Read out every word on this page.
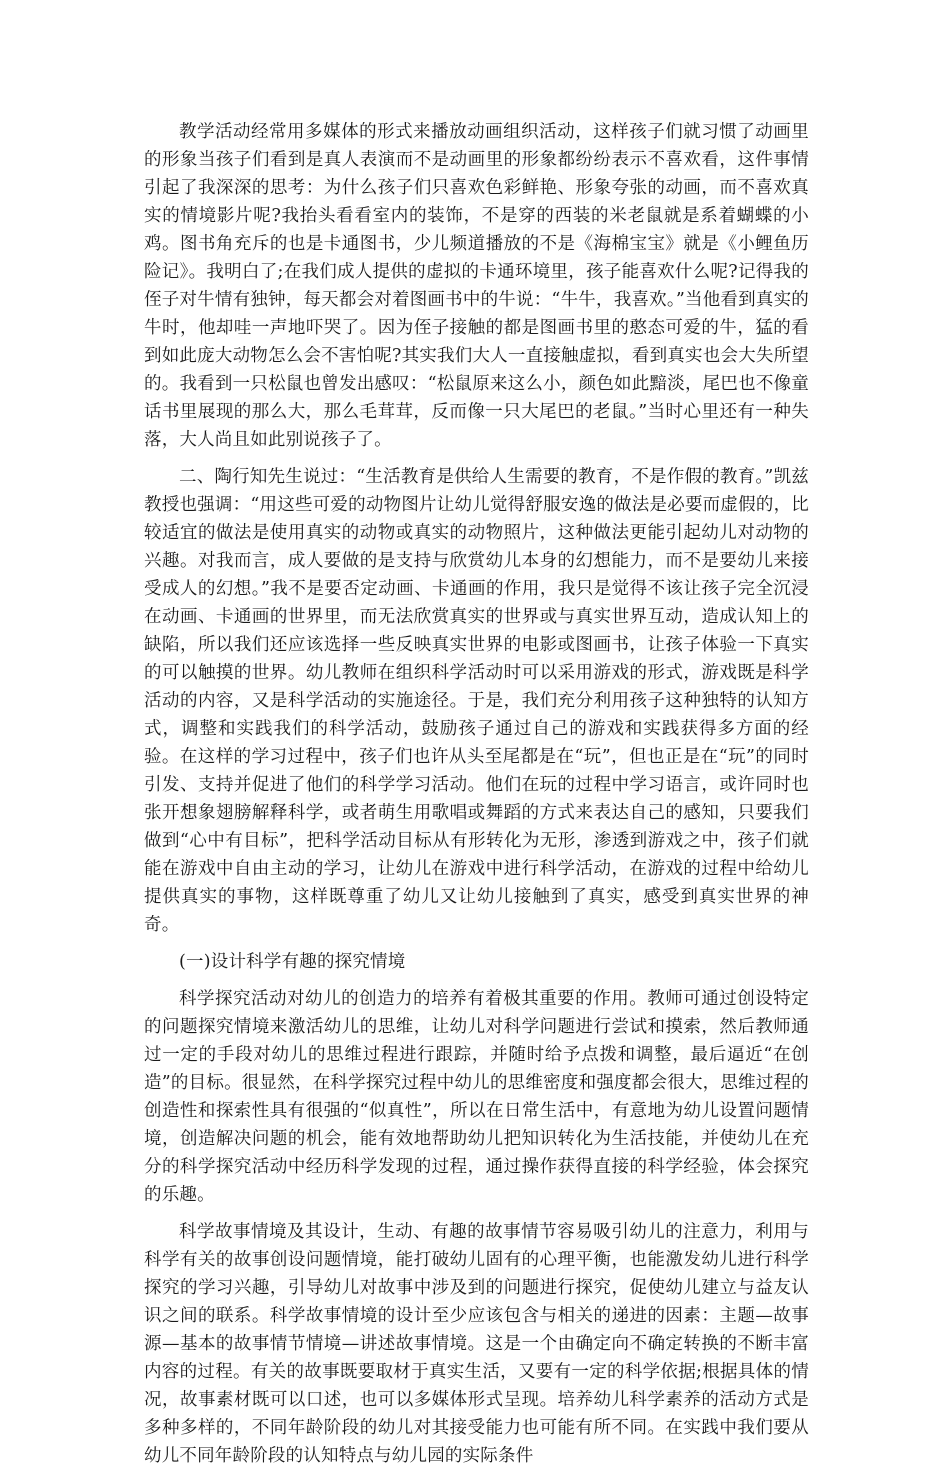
教学活动经常用多媒体的形式来播放动画组织活动，这样孩子们就习惯了动画里的形象当孩子们看到是真人表演而不是动画里的形象都纷纷表示不喜欢看，这件事情引起了我深深的思考：为什么孩子们只喜欢色彩鲜艳、形象夸张的动画，而不喜欢真实的情境影片呢?我抬头看看室内的装饰，不是穿的西装的米老鼠就是系着蝴蝶的小鸡。图书角充斥的也是卡通图书，少儿频道播放的不是《海棉宝宝》就是《小鲤鱼历险记》。我明白了;在我们成人提供的虚拟的卡通环境里，孩子能喜欢什么呢?记得我的侄子对牛情有独钟，每天都会对着图画书中的牛说：“牛牛，我喜欢。”当他看到真实的牛时，他却哇一声地吓哭了。因为侄子接触的都是图画书里的憨态可爱的牛，猛的看到如此庞大动物怎么会不害怕呢?其实我们大人一直接触虚拟，看到真实也会大失所望的。我看到一只松鼠也曾发出感叹：“松鼠原来这么小，颜色如此黯淡，尾巴也不像童话书里展现的那么大，那么毛茸茸，反而像一只大尾巴的老鼠。”当时心里还有一种失落，大人尚且如此别说孩子了。

二、陶行知先生说过：“生活教育是供给人生需要的教育，不是作假的教育。”凯兹教授也强调：“用这些可爱的动物图片让幼儿觉得舒服安逸的做法是必要而虚假的，比较适宜的做法是使用真实的动物或真实的动物照片，这种做法更能引起幼儿对动物的兴趣。对我而言，成人要做的是支持与欣赏幼儿本身的幻想能力，而不是要幼儿来接受成人的幻想。”我不是要否定动画、卡通画的作用，我只是觉得不该让孩子完全沉浸在动画、卡通画的世界里，而无法欣赏真实的世界或与真实世界互动，造成认知上的缺陷，所以我们还应该选择一些反映真实世界的电影或图画书，让孩子体验一下真实的可以触摸的世界。幼儿教师在组织科学活动时可以采用游戏的形式，游戏既是科学活动的内容，又是科学活动的实施途径。于是，我们充分利用孩子这种独特的认知方式，调整和实践我们的科学活动，鼓励孩子通过自己的游戏和实践获得多方面的经验。在这样的学习过程中，孩子们也许从头至尾都是在“玩”，但也正是在“玩”的同时引发、支持并促进了他们的科学学习活动。他们在玩的过程中学习语言，或许同时也张开想象翅膀解释科学，或者萌生用歌唱或舞蹈的方式来表达自己的感知，只要我们做到“心中有目标”，把科学活动目标从有形转化为无形，渗透到游戏之中，孩子们就能在游戏中自由主动的学习，让幼儿在游戏中进行科学活动，在游戏的过程中给幼儿提供真实的事物，这样既尊重了幼儿又让幼儿接触到了真实，感受到真实世界的神奇。

(一)设计科学有趣的探究情境

科学探究活动对幼儿的创造力的培养有着极其重要的作用。教师可通过创设特定的问题探究情境来激活幼儿的思维，让幼儿对科学问题进行尝试和摸索，然后教师通过一定的手段对幼儿的思维过程进行跟踪，并随时给予点拨和调整，最后逼近“在创造”的目标。很显然，在科学探究过程中幼儿的思维密度和强度都会很大，思维过程的创造性和探索性具有很强的“似真性”，所以在日常生活中，有意地为幼儿设置问题情境，创造解决问题的机会，能有效地帮助幼儿把知识转化为生活技能，并使幼儿在充分的科学探究活动中经历科学发现的过程，通过操作获得直接的科学经验，体会探究的乐趣。

科学故事情境及其设计，生动、有趣的故事情节容易吸引幼儿的注意力，利用与科学有关的故事创设问题情境，能打破幼儿固有的心理平衡，也能激发幼儿进行科学探究的学习兴趣，引导幼儿对故事中涉及到的问题进行探究，促使幼儿建立与益友认识之间的联系。科学故事情境的设计至少应该包含与相关的递进的因素：主题—故事源—基本的故事情节情境—讲述故事情境。这是一个由确定向不确定转换的不断丰富内容的过程。有关的故事既要取材于真实生活，又要有一定的科学依据;根据具体的情况，故事素材既可以口述，也可以多媒体形式呈现。培养幼儿科学素养的活动方式是多种多样的，不同年龄阶段的幼儿对其接受能力也可能有所不同。在实践中我们要从幼儿不同年龄阶段的认知特点与幼儿园的实际条件
